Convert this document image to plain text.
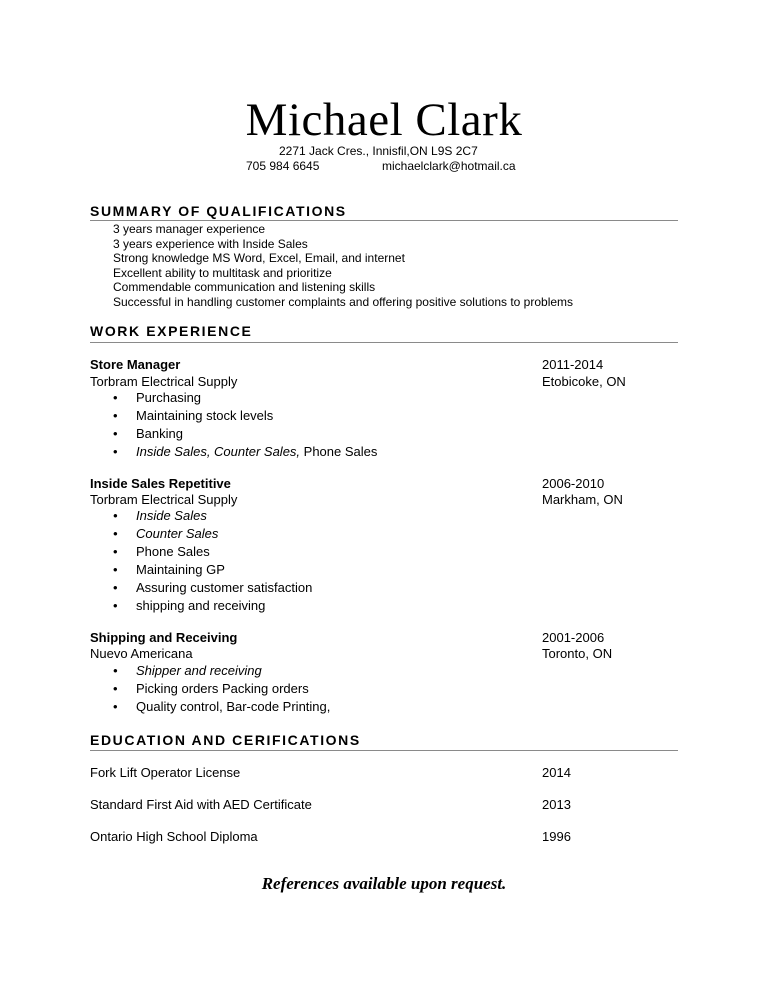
Michael Clark
2271 Jack Cres., Innisfil,ON L9S 2C7
705 984 6645	michaelclark@hotmail.ca
SUMMARY OF QUALIFICATIONS
3 years manager experience
3 years experience with Inside Sales
Strong knowledge MS Word, Excel, Email, and internet
Excellent ability to multitask and prioritize
Commendable communication and listening skills
Successful in handling customer complaints and offering positive solutions to problems
WORK EXPERIENCE
Store Manager	2011-2014
Torbram Electrical Supply	Etobicoke, ON
• Purchasing
• Maintaining stock levels
• Banking
• Inside Sales, Counter Sales, Phone Sales
Inside Sales Repetitive	2006-2010
Torbram Electrical Supply	Markham, ON
• Inside Sales
• Counter Sales
• Phone Sales
• Maintaining GP
• Assuring customer satisfaction
• shipping and receiving
Shipping and Receiving	2001-2006
Nuevo Americana	Toronto, ON
• Shipper and receiving
• Picking orders Packing orders
• Quality control, Bar-code Printing,
EDUCATION AND CERIFICATIONS
Fork Lift Operator License	2014
Standard First Aid with AED Certificate	2013
Ontario High School Diploma	1996
References available upon request.
